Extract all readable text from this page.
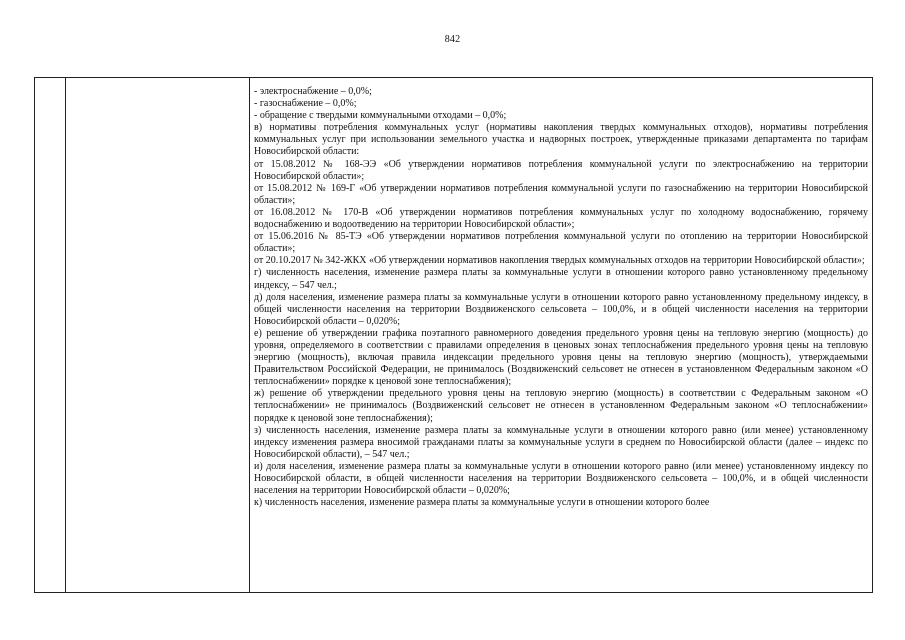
842

- электроснабжение – 0,0%;

- газоснабжение – 0,0%;

- обращение с твердыми коммунальными отходами – 0,0%;

в) нормативы потребления коммунальных услуг (нормативы накопления твердых коммунальных отходов), нормативы потребления коммунальных услуг при использовании земельного участка и надворных построек, утвержденные приказами департамента по тарифам Новосибирской области:

от 15.08.2012 № 168-ЭЭ «Об утверждении нормативов потребления коммунальной услуги по электроснабжению на территории Новосибирской области»;

от 15.08.2012 № 169-Г «Об утверждении нормативов потребления коммунальной услуги по газоснабжению на территории Новосибирской области»;

от 16.08.2012 № 170-В «Об утверждении нормативов потребления коммунальных услуг по холодному водоснабжению, горячему водоснабжению и водоотведению на территории Новосибирской области»;

от 15.06.2016 № 85-ТЭ «Об утверждении нормативов потребления коммунальной услуги по отоплению на территории Новосибирской области»;

от 20.10.2017 № 342-ЖКХ «Об утверждении нормативов накопления твердых коммунальных отходов на территории Новосибирской области»;

г) численность населения, изменение размера платы за коммунальные услуги в отношении которого равно установленному предельному индексу, – 547 чел.;

д) доля населения, изменение размера платы за коммунальные услуги в отношении которого равно установленному предельному индексу, в общей численности населения на территории Воздвиженского сельсовета – 100,0%, и в общей численности населения на территории Новосибирской области – 0,020%;

е) решение об утверждении графика поэтапного равномерного доведения предельного уровня цены на тепловую энергию (мощность) до уровня, определяемого в соответствии с правилами определения в ценовых зонах теплоснабжения предельного уровня цены на тепловую энергию (мощность), включая правила индексации предельного уровня цены на тепловую энергию (мощность), утверждаемыми Правительством Российской Федерации, не принималось (Воздвиженский сельсовет не отнесен в установленном Федеральным законом «О теплоснабжении» порядке к ценовой зоне теплоснабжения);

ж) решение об утверждении предельного уровня цены на тепловую энергию (мощность) в соответствии с Федеральным законом «О теплоснабжении» не принималось (Воздвиженский сельсовет не отнесен в установленном Федеральным законом «О теплоснабжении» порядке к ценовой зоне теплоснабжения);

з) численность населения, изменение размера платы за коммунальные услуги в отношении которого равно (или менее) установленному индексу изменения размера вносимой гражданами платы за коммунальные услуги в среднем по Новосибирской области (далее – индекс по Новосибирской области), – 547 чел.;

и) доля населения, изменение размера платы за коммунальные услуги в отношении которого равно (или менее) установленному индексу по Новосибирской области, в общей численности населения на территории Воздвиженского сельсовета – 100,0%, и в общей численности населения на территории Новосибирской области – 0,020%;

к) численность населения, изменение размера платы за коммунальные услуги в отношении которого более
